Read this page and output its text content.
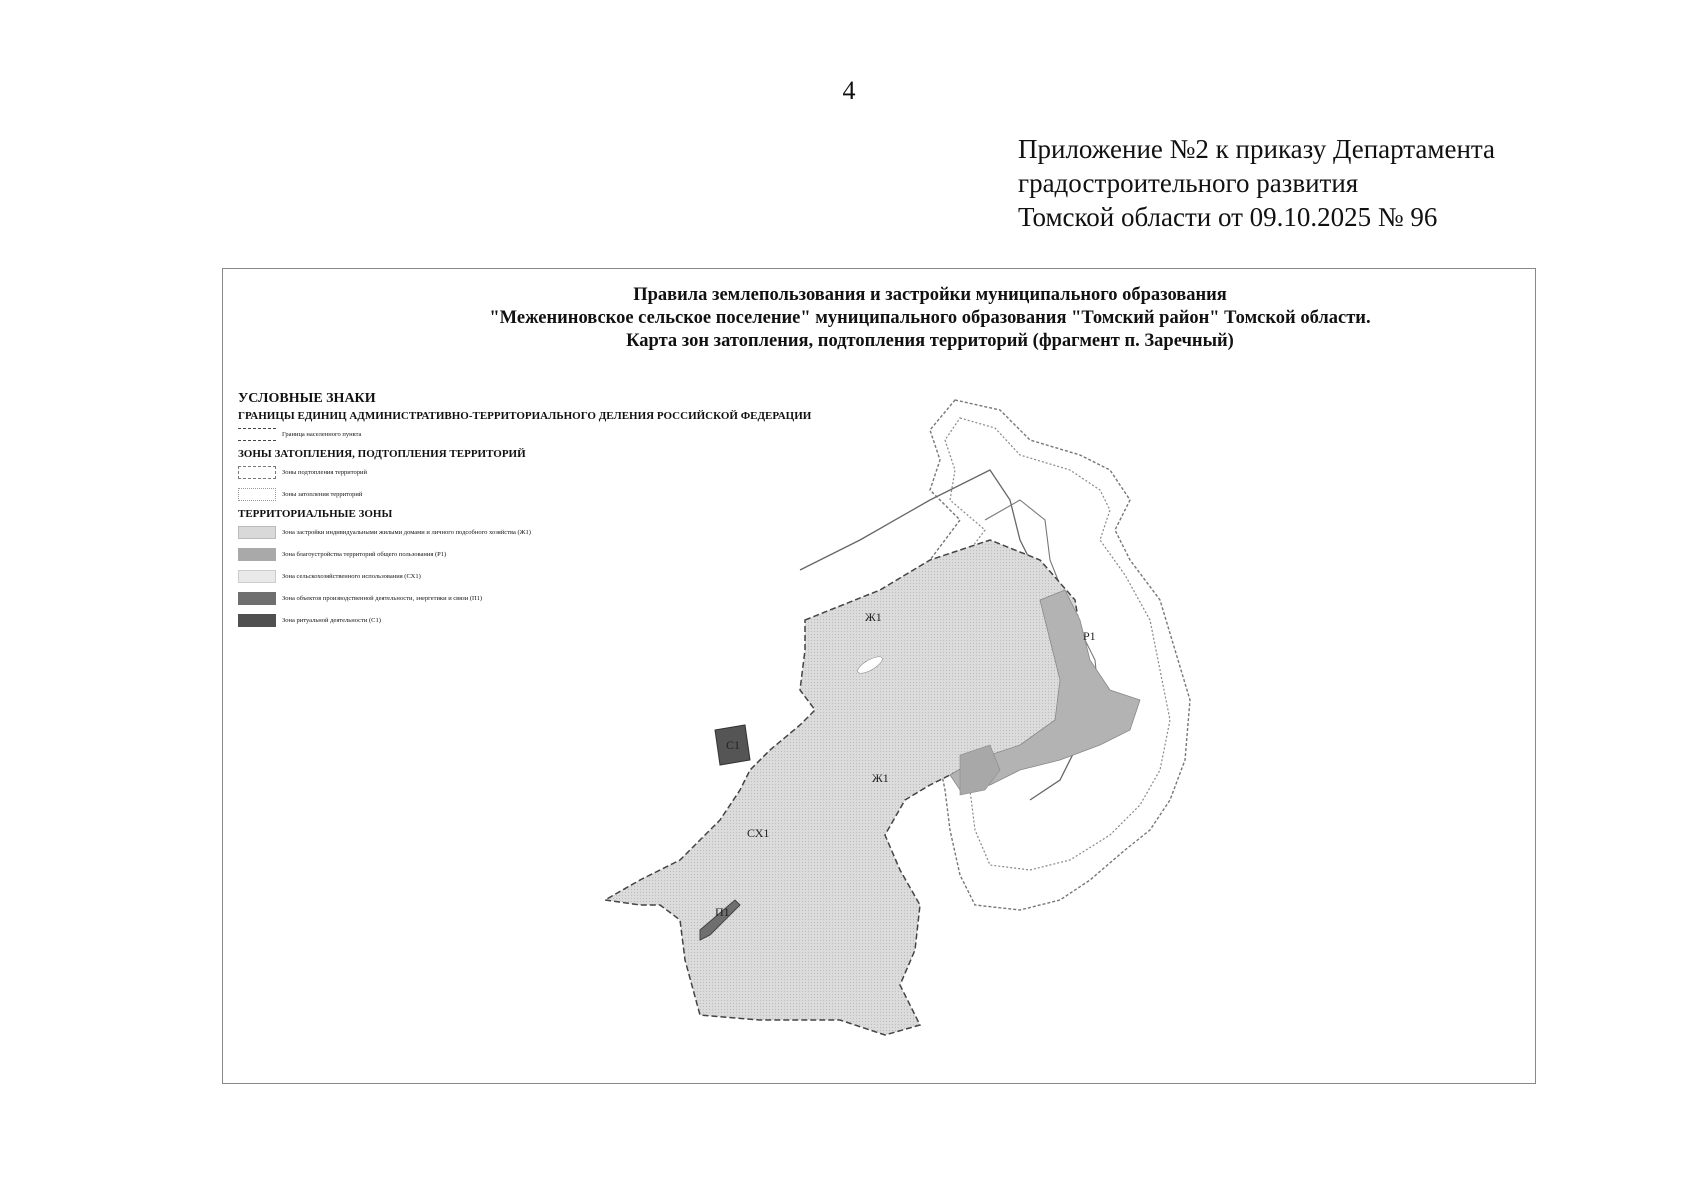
4
Приложение №2 к приказу Департамента
градостроительного развития
Томской области от 09.10.2025 № 96
Правила землепользования и застройки муниципального образования
"Межениновское сельское поселение" муниципального образования "Томский район" Томской области.
Карта зон затопления, подтопления территорий (фрагмент п. Заречный)
УСЛОВНЫЕ ЗНАКИ
ГРАНИЦЫ ЕДИНИЦ АДМИНИСТРАТИВНО-ТЕРРИТОРИАЛЬНОГО ДЕЛЕНИЯ РОССИЙСКОЙ ФЕДЕРАЦИИ
Граница населенного пункта
ЗОНЫ ЗАТОПЛЕНИЯ, ПОДТОПЛЕНИЯ ТЕРРИТОРИЙ
Зоны подтопления территорий
Зоны затопления территорий
ТЕРРИТОРИАЛЬНЫЕ ЗОНЫ
Зона застройки индивидуальными жилыми домами и личного подсобного хозяйства (Ж1)
Зона благоустройства территорий общего пользования (Р1)
Зона сельскохозяйственного использования (СХ1)
Зона объектов производственной деятельности, энергетики и связи (П1)
Зона ритуальной деятельности (С1)	Ж1
Ж1
Р1
С1
СХ1
П1
